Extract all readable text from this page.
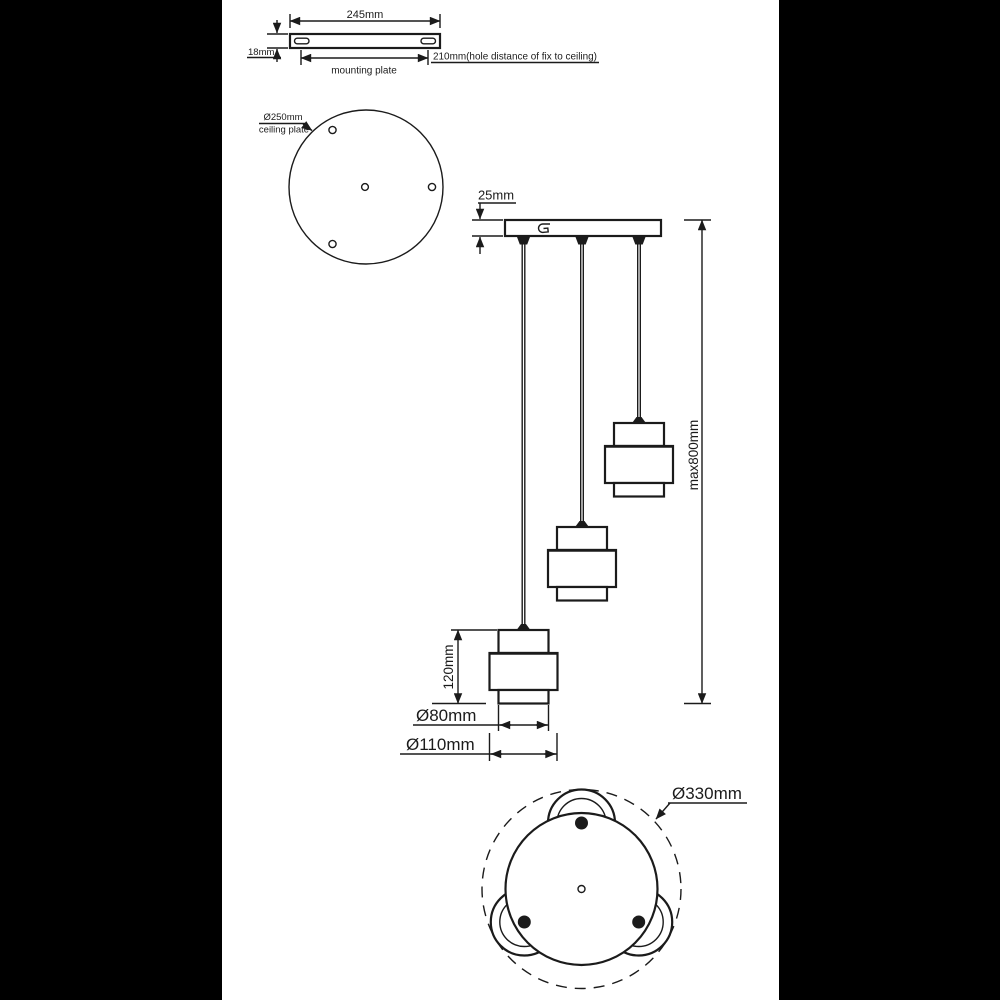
245mm
18mm	210mm(hole distance of fix to ceiling)
mounting plate
Ø250mm
ceiling plate
25mm
max800mm
120mm
Ø80mm
Ø110mm
Ø330mm
